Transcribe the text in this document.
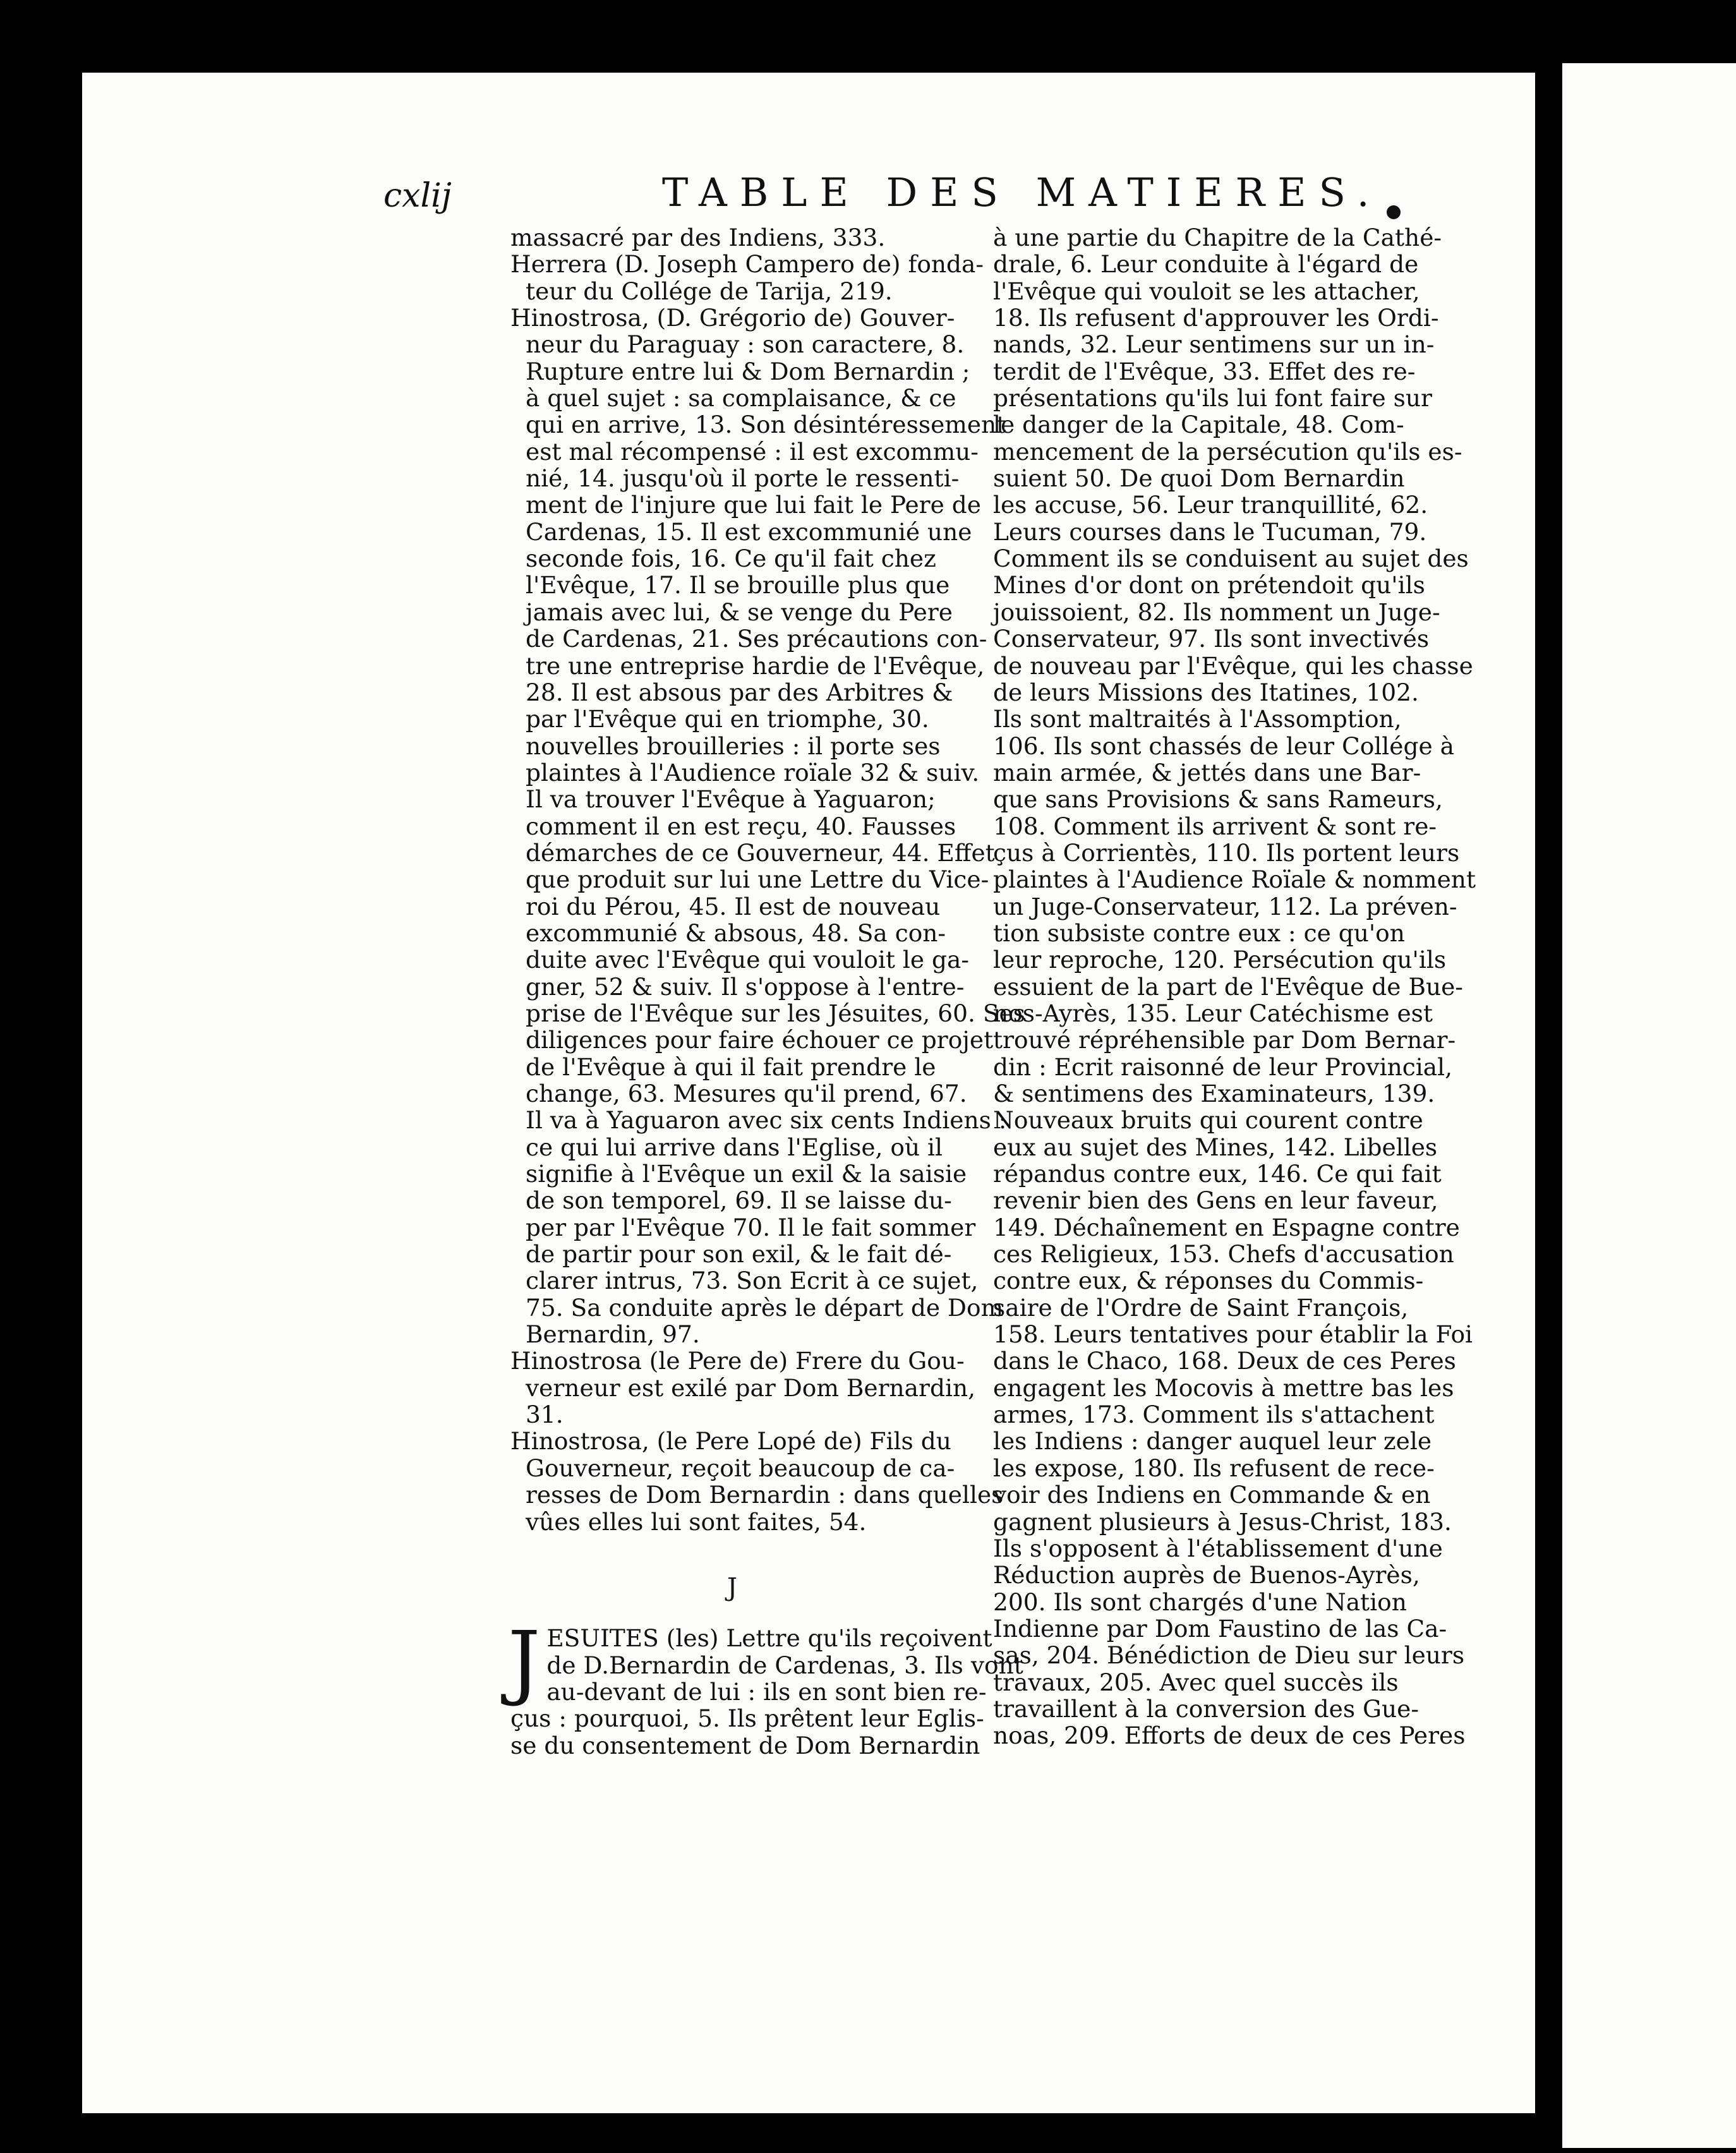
cxlij	TABLE DES MATIERES.
massacré par des Indiens, 333.
Herrera (D. Joseph Campero de) fonda-
teur du Collége de Tarija, 219.
Hinostrosa, (D. Grégorio de) Gouver-
neur du Paraguay : son caractere, 8.
Rupture entre lui & Dom Bernardin ;
à quel sujet : sa complaisance, & ce
qui en arrive, 13. Son désintéressement
est mal récompensé : il est excommu-
nié, 14. jusqu'où il porte le ressenti-
ment de l'injure que lui fait le Pere de
Cardenas, 15. Il est excommunié une
seconde fois, 16. Ce qu'il fait chez
l'Evêque, 17. Il se brouille plus que
jamais avec lui, & se venge du Pere
de Cardenas, 21. Ses précautions con-
tre une entreprise hardie de l'Evêque,
28. Il est absous par des Arbitres &
par l'Evêque qui en triomphe, 30.
nouvelles brouilleries : il porte ses
plaintes à l'Audience roïale 32 & suiv.
Il va trouver l'Evêque à Yaguaron;
comment il en est reçu, 40. Fausses
démarches de ce Gouverneur, 44. Effet
que produit sur lui une Lettre du Vice-
roi du Pérou, 45. Il est de nouveau
excommunié & absous, 48. Sa con-
duite avec l'Evêque qui vouloit le ga-
gner, 52 & suiv. Il s'oppose à l'entre-
prise de l'Evêque sur les Jésuites, 60. Ses
diligences pour faire échouer ce projet
de l'Evêque à qui il fait prendre le
change, 63. Mesures qu'il prend, 67.
Il va à Yaguaron avec six cents Indiens :
ce qui lui arrive dans l'Eglise, où il
signifie à l'Evêque un exil & la saisie
de son temporel, 69. Il se laisse du-
per par l'Evêque 70. Il le fait sommer
de partir pour son exil, & le fait dé-
clarer intrus, 73. Son Ecrit à ce sujet,
75. Sa conduite après le départ de Dom
Bernardin, 97.
Hinostrosa (le Pere de) Frere du Gou-
verneur est exilé par Dom Bernardin,
31.
Hinostrosa, (le Pere Lopé de) Fils du
Gouverneur, reçoit beaucoup de ca-
resses de Dom Bernardin : dans quelles
vûes elles lui sont faites, 54.
J
J ESUITES (les) Lettre qu'ils reçoivent
de D.Bernardin de Cardenas, 3. Ils vont
au-devant de lui : ils en sont bien re-
çus : pourquoi, 5. Ils prêtent leur Eglis-
se du consentement de Dom Bernardin
à une partie du Chapitre de la Cathé-
drale, 6. Leur conduite à l'égard de
l'Evêque qui vouloit se les attacher,
18. Ils refusent d'approuver les Ordi-
nands, 32. Leur sentimens sur un in-
terdit de l'Evêque, 33. Effet des re-
présentations qu'ils lui font faire sur
le danger de la Capitale, 48. Com-
mencement de la persécution qu'ils es-
suient 50. De quoi Dom Bernardin
les accuse, 56. Leur tranquillité, 62.
Leurs courses dans le Tucuman, 79.
Comment ils se conduisent au sujet des
Mines d'or dont on prétendoit qu'ils
jouissoient, 82. Ils nomment un Juge-
Conservateur, 97. Ils sont invectivés
de nouveau par l'Evêque, qui les chasse
de leurs Missions des Itatines, 102.
Ils sont maltraités à l'Assomption,
106. Ils sont chassés de leur Collége à
main armée, & jettés dans une Bar-
que sans Provisions & sans Rameurs,
108. Comment ils arrivent & sont re-
çus à Corrientès, 110. Ils portent leurs
plaintes à l'Audience Roïale & nomment
un Juge-Conservateur, 112. La préven-
tion subsiste contre eux : ce qu'on
leur reproche, 120. Persécution qu'ils
essuient de la part de l'Evêque de Bue-
nos-Ayrès, 135. Leur Catéchisme est
trouvé répréhensible par Dom Bernar-
din : Ecrit raisonné de leur Provincial,
& sentimens des Examinateurs, 139.
Nouveaux bruits qui courent contre
eux au sujet des Mines, 142. Libelles
répandus contre eux, 146. Ce qui fait
revenir bien des Gens en leur faveur,
149. Déchaînement en Espagne contre
ces Religieux, 153. Chefs d'accusation
contre eux, & réponses du Commis-
saire de l'Ordre de Saint François,
158. Leurs tentatives pour établir la Foi
dans le Chaco, 168. Deux de ces Peres
engagent les Mocovis à mettre bas les
armes, 173. Comment ils s'attachent
les Indiens : danger auquel leur zele
les expose, 180. Ils refusent de rece-
voir des Indiens en Commande & en
gagnent plusieurs à Jesus-Christ, 183.
Ils s'opposent à l'établissement d'une
Réduction auprès de Buenos-Ayrès,
200. Ils sont chargés d'une Nation
Indienne par Dom Faustino de las Ca-
sas, 204. Bénédiction de Dieu sur leurs
travaux, 205. Avec quel succès ils
travaillent à la conversion des Gue-
noas, 209. Efforts de deux de ces Peres
